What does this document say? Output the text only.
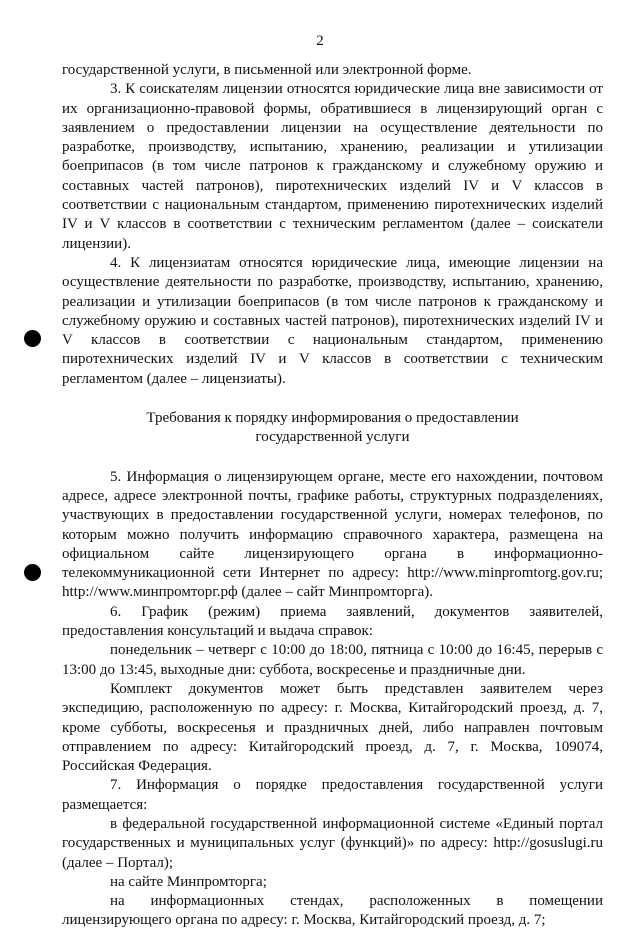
2

государственной услуги, в письменной или электронной форме.

3. К соискателям лицензии относятся юридические лица вне зависимости от их организационно-правовой формы, обратившиеся в лицензирующий орган с заявлением о предоставлении лицензии на осуществление деятельности по разработке, производству, испытанию, хранению, реализации и утилизации боеприпасов (в том числе патронов к гражданскому и служебному оружию и составных частей патронов), пиротехнических изделий IV и V классов в соответствии с национальным стандартом, применению пиротехнических изделий IV и V классов в соответствии с техническим регламентом (далее – соискатели лицензии).

4. К лицензиатам относятся юридические лица, имеющие лицензии на осуществление деятельности по разработке, производству, испытанию, хранению, реализации и утилизации боеприпасов (в том числе патронов к гражданскому и служебному оружию и составных частей патронов), пиротехнических изделий IV и V классов в соответствии с национальным стандартом, применению пиротехнических изделий IV и V классов в соответствии с техническим регламентом (далее – лицензиаты).

Требования к порядку информирования о предоставлении
государственной услуги

5. Информация о лицензирующем органе, месте его нахождении, почтовом адресе, адресе электронной почты, графике работы, структурных подразделениях, участвующих в предоставлении государственной услуги, номерах телефонов, по которым можно получить информацию справочного характера, размещена на официальном сайте лицензирующего органа в информационно-телекоммуникационной сети Интернет по адресу: http://www.minpromtorg.gov.ru; http://www.минпромторг.рф (далее – сайт Минпромторга).

6. График (режим) приема заявлений, документов заявителей, предоставления консультаций и выдача справок:

понедельник – четверг с 10:00 до 18:00, пятница с 10:00 до 16:45, перерыв с 13:00 до 13:45, выходные дни: суббота, воскресенье и праздничные дни.

Комплект документов может быть представлен заявителем через экспедицию, расположенную по адресу: г. Москва, Китайгородский проезд, д. 7, кроме субботы, воскресенья и праздничных дней, либо направлен почтовым отправлением по адресу: Китайгородский проезд, д. 7, г. Москва, 109074, Российская Федерация.

7. Информация о порядке предоставления государственной услуги размещается:

в федеральной государственной информационной системе «Единый портал государственных и муниципальных услуг (функций)» по адресу: http://gosuslugi.ru (далее – Портал);

на сайте Минпромторга;

на информационных стендах, расположенных в помещении лицензирующего органа по адресу: г. Москва, Китайгородский проезд, д. 7;
